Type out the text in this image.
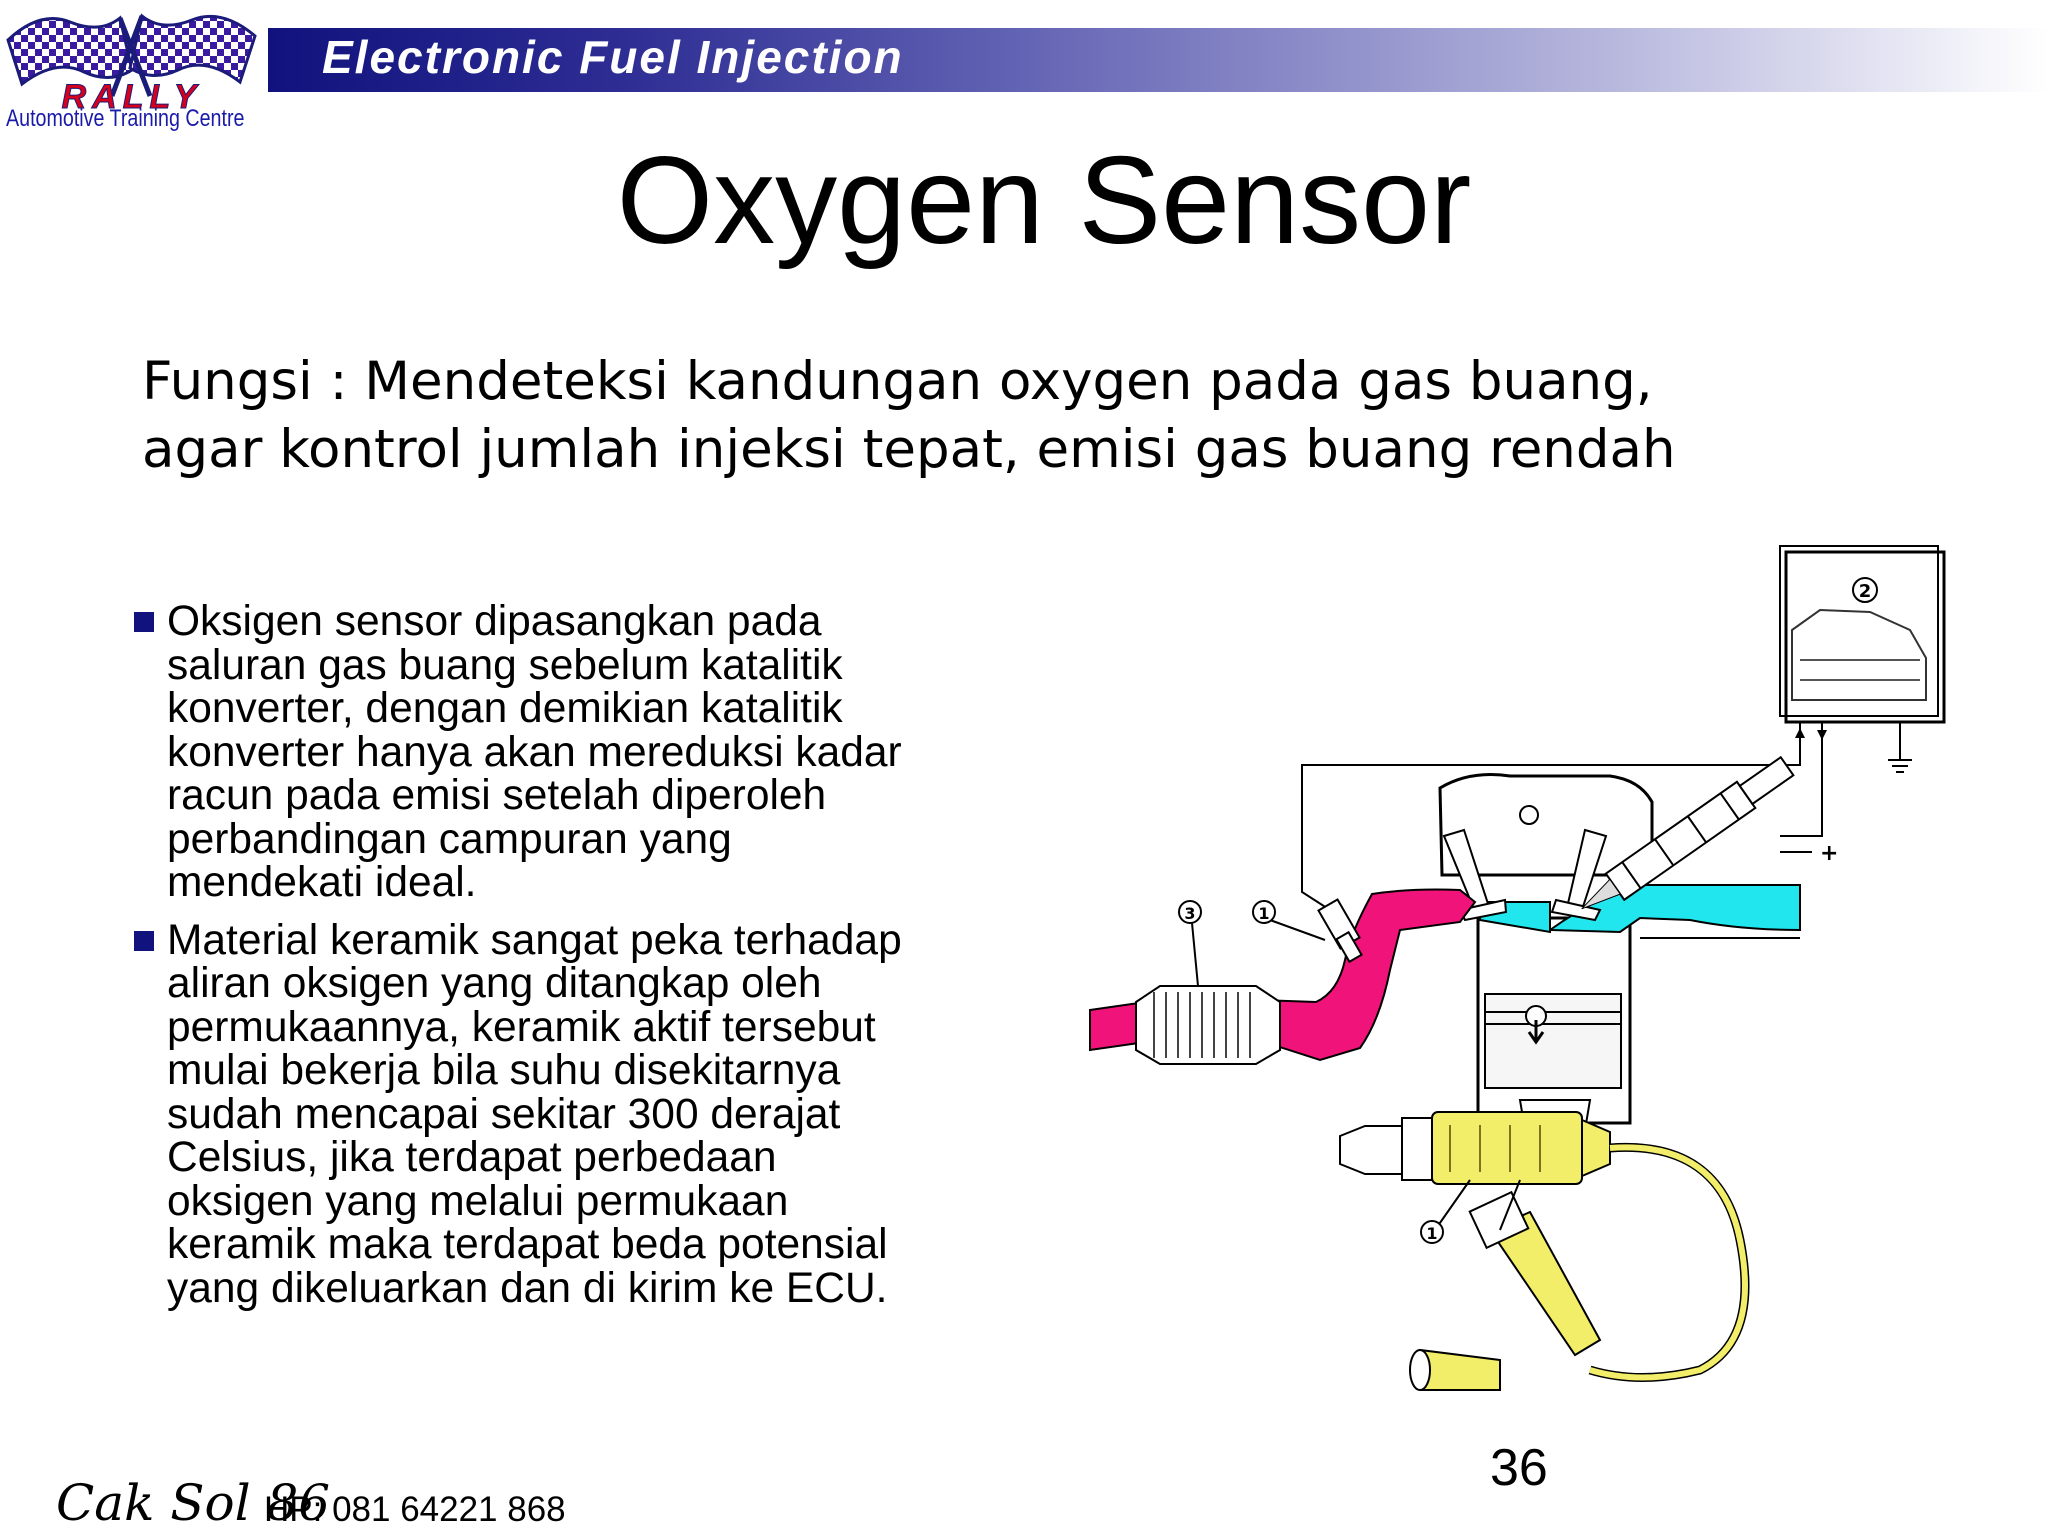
RALLY
Automotive Training Centre
Electronic Fuel Injection
Oxygen Sensor
Fungsi : Mendeteksi kandungan oxygen pada gas buang,
agar kontrol jumlah injeksi tepat, emisi gas buang rendah
Oksigen sensor dipasangkan pada
saluran gas buang sebelum katalitik
konverter, dengan demikian katalitik
konverter hanya akan mereduksi kadar
racun pada emisi setelah diperoleh
perbandingan campuran yang
mendekati ideal.
Material keramik sangat peka terhadap
aliran oksigen yang ditangkap oleh
permukaannya, keramik aktif tersebut
mulai bekerja bila suhu disekitarnya
sudah mencapai sekitar 300 derajat
Celsius, jika terdapat perbedaan
oksigen yang melalui permukaan
keramik maka terdapat beda potensial
yang dikeluarkan dan di kirim ke ECU.
2
+
3	1
1
Cak Sol 86
HP: 081 64221 868
36
